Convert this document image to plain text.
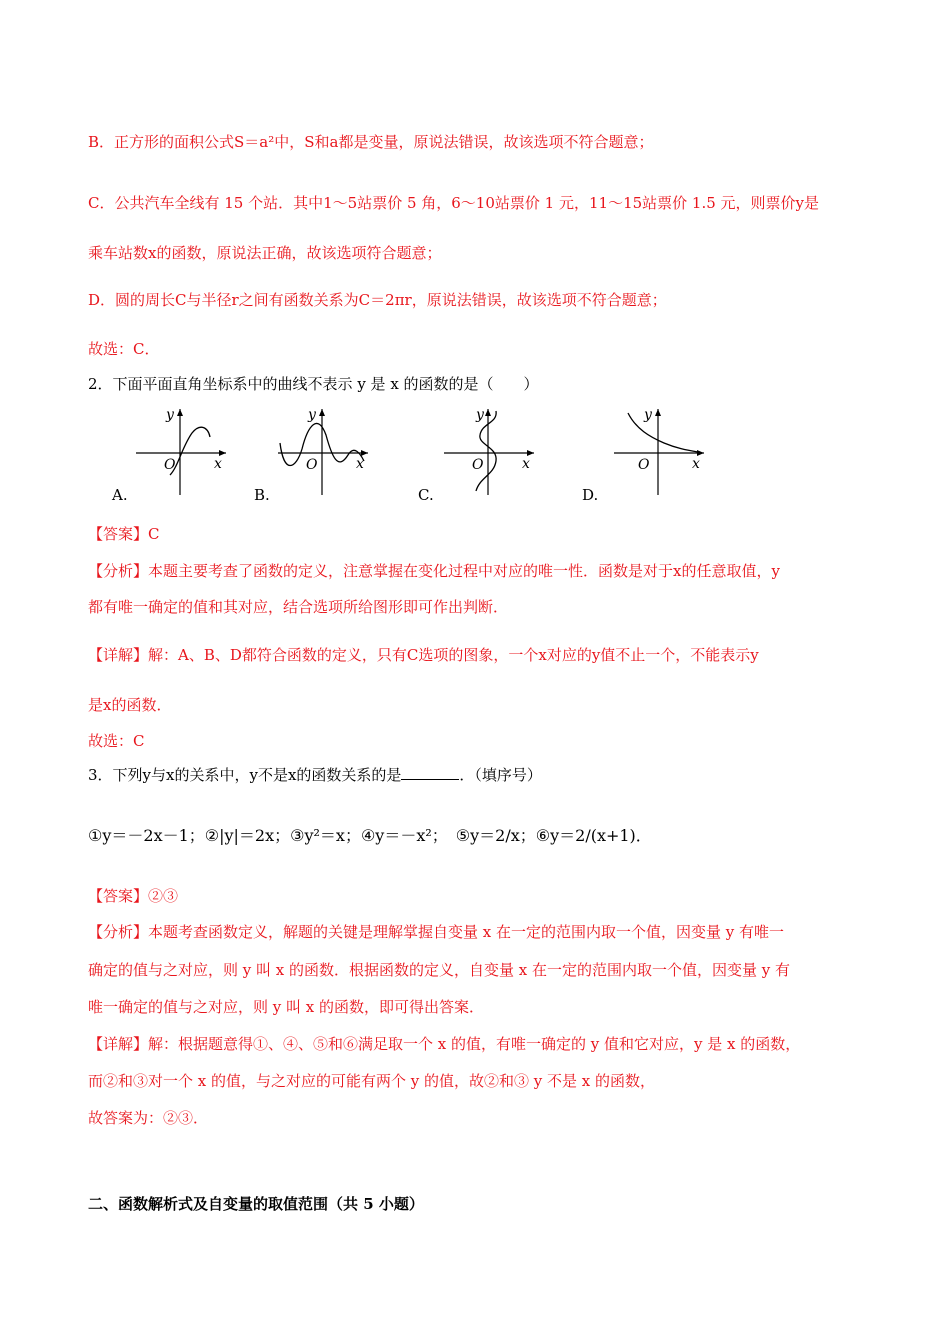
B．正方形的面积公式S＝a²中，S和a都是变量，原说法错误，故该选项不符合题意；
C．公共汽车全线有 15 个站．其中1～5站票价 5 角，6～10站票价 1 元，11～15站票价 1.5 元，则票价y是
乘车站数x的函数，原说法正确，故该选项符合题意；
D．圆的周长C与半径r之间有函数关系为C＝2πr，原说法错误，故该选项不符合题意；
故选：C．
2．下面平面直角坐标系中的曲线不表示 y 是 x 的函数的是（　　）
y
x
O
A.
y
x
O
B.
y
x
O
C.
y
x
O
D.
【答案】C
【分析】本题主要考查了函数的定义，注意掌握在变化过程中对应的唯一性．函数是对于x的任意取值，y
都有唯一确定的值和其对应，结合选项所给图形即可作出判断．
【详解】解：A、B、D都符合函数的定义，只有C选项的图象，一个x对应的y值不止一个，不能表示y
是x的函数．
故选：C
3．下列y与x的关系中，y不是x的函数关系的是	．（填序号）
①y＝－2x－1；②|y|＝2x；③y²＝x；④y＝－x²；　⑤y＝2/x；⑥y＝2/(x+1)．
【答案】②③
【分析】本题考查函数定义，解题的关键是理解掌握自变量 x 在一定的范围内取一个值，因变量 y 有唯一
确定的值与之对应，则 y 叫 x 的函数．根据函数的定义，自变量 x 在一定的范围内取一个值，因变量 y 有
唯一确定的值与之对应，则 y 叫 x 的函数，即可得出答案．
【详解】解：根据题意得①、④、⑤和⑥满足取一个 x 的值，有唯一确定的 y 值和它对应，y 是 x 的函数，
而②和③对一个 x 的值，与之对应的可能有两个 y 的值，故②和③ y 不是 x 的函数，
故答案为：②③．
二、函数解析式及自变量的取值范围（共 5 小题）
